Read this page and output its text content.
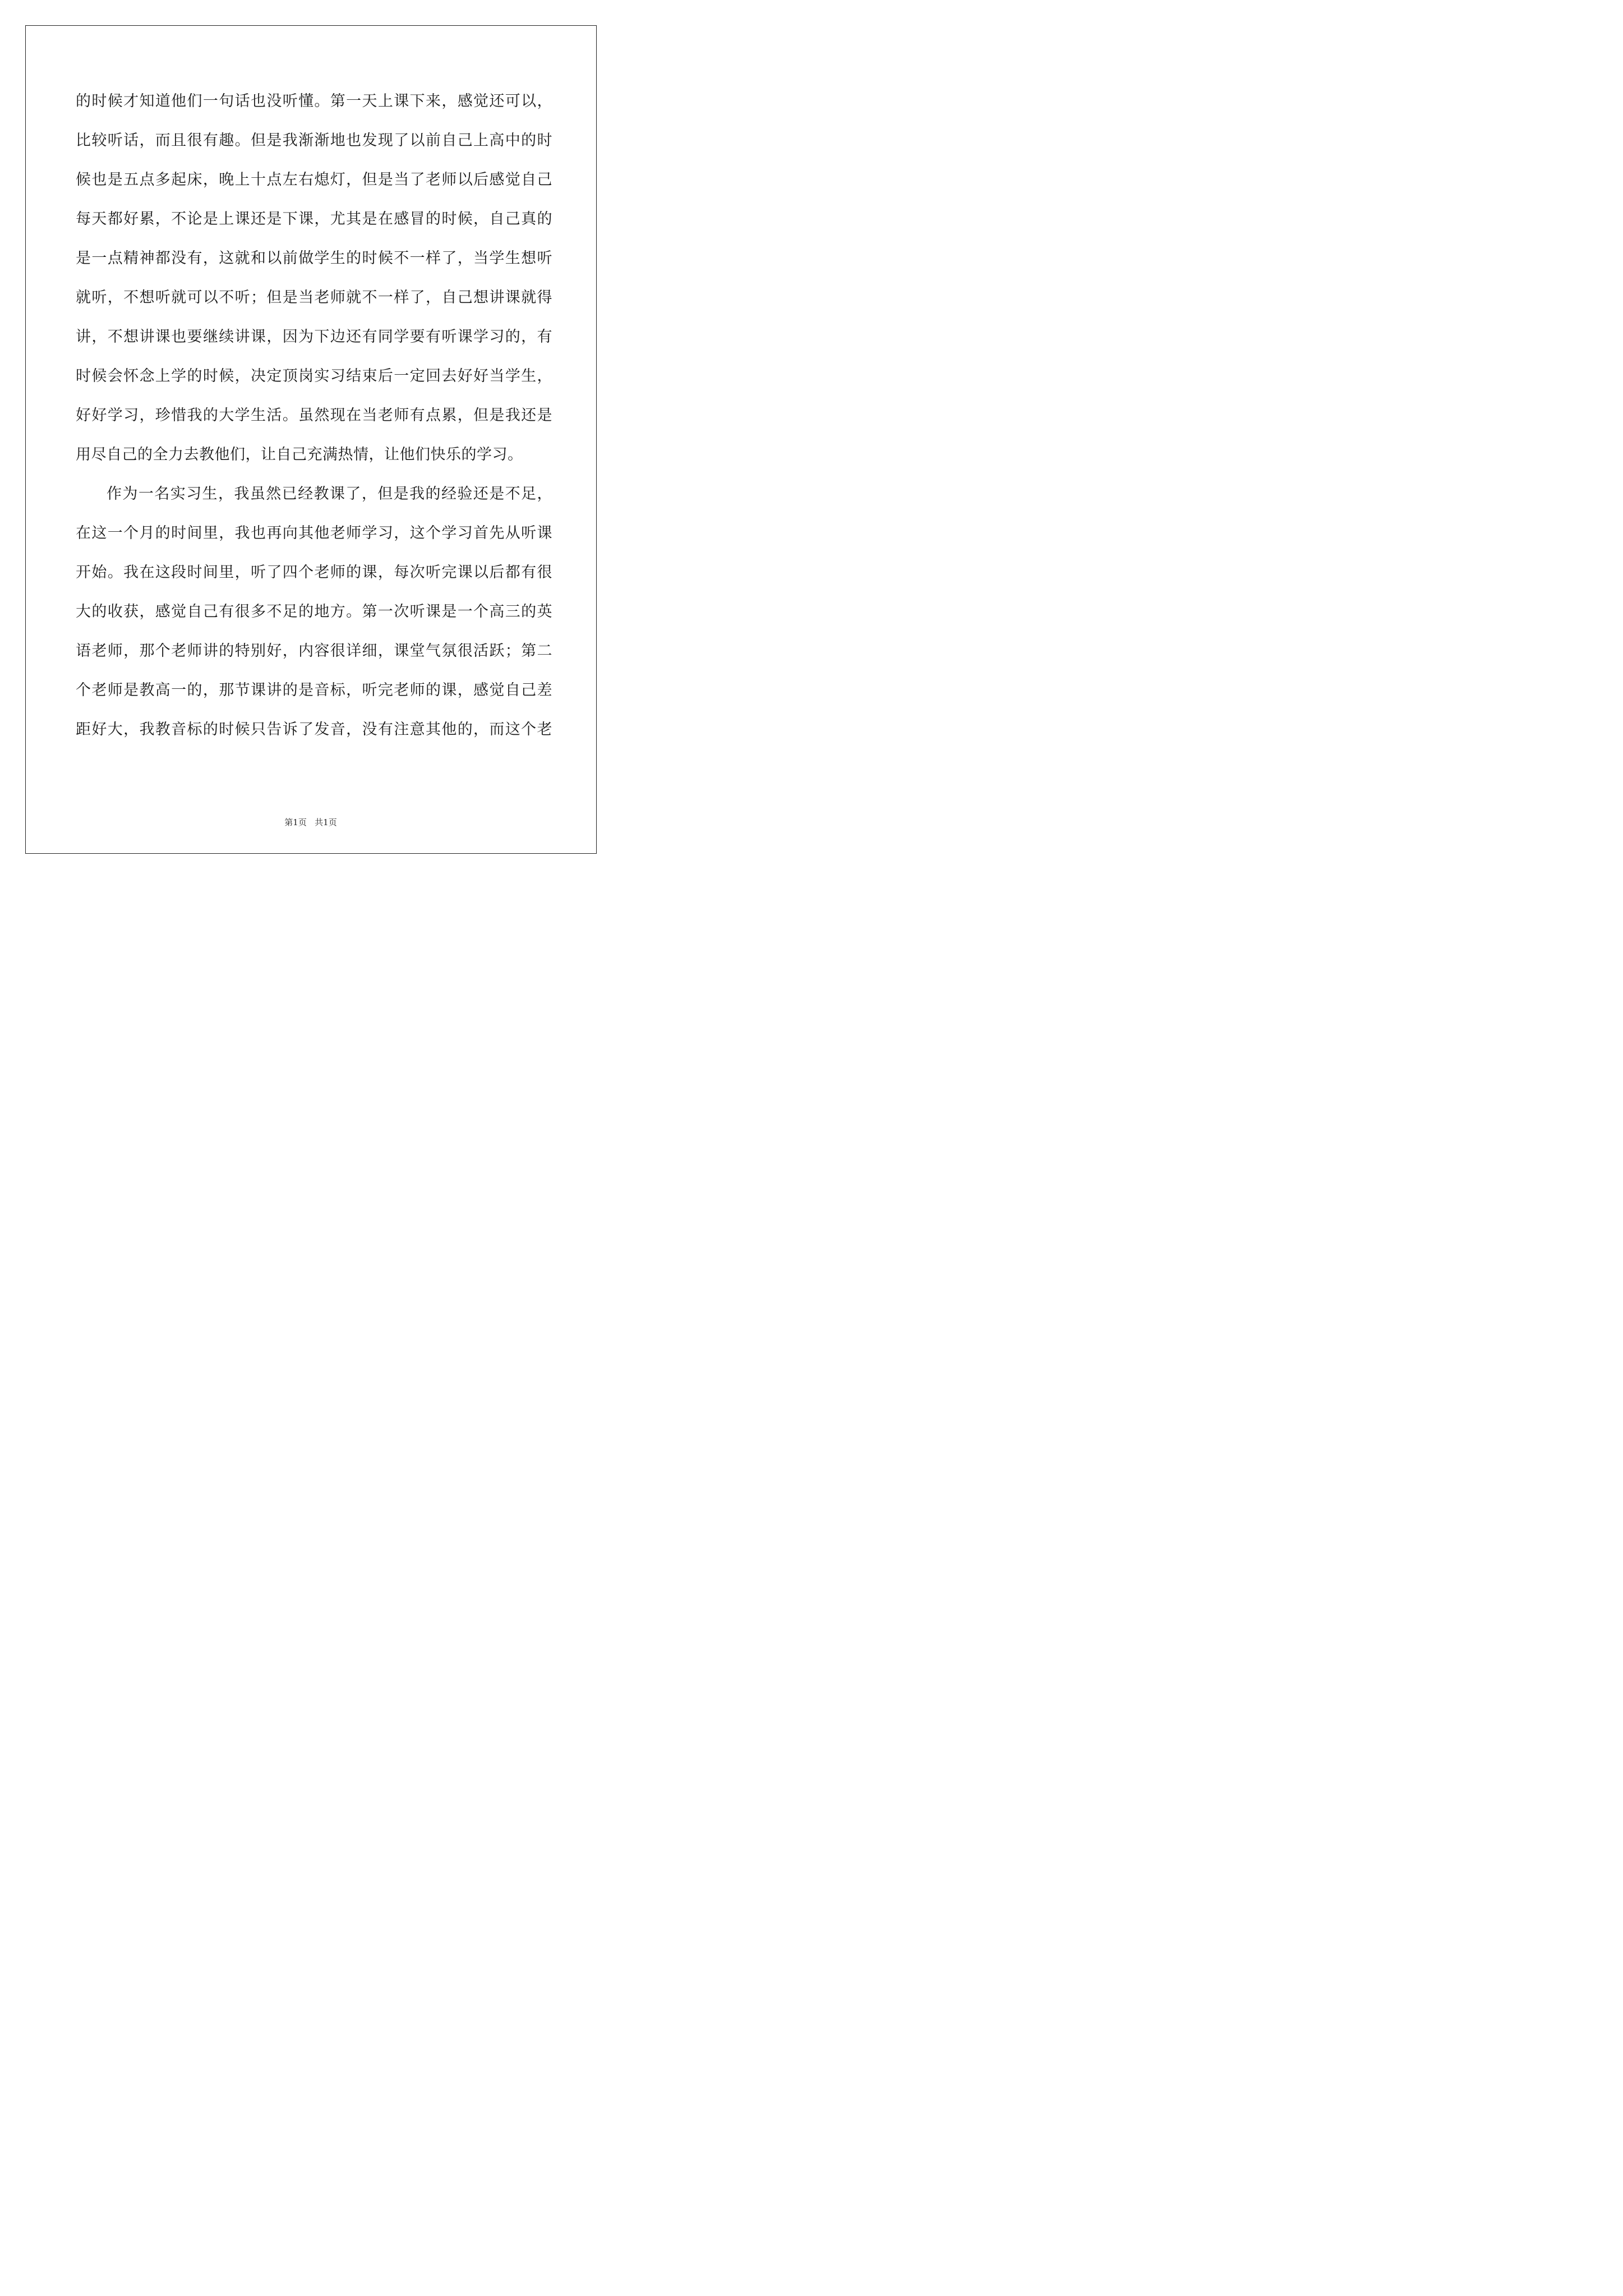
的时候才知道他们一句话也没听懂。第一天上课下来，感觉还可以，
比较听话，而且很有趣。但是我渐渐地也发现了以前自己上高中的时
候也是五点多起床，晚上十点左右熄灯，但是当了老师以后感觉自己
每天都好累，不论是上课还是下课，尤其是在感冒的时候，自己真的
是一点精神都没有，这就和以前做学生的时候不一样了，当学生想听
就听，不想听就可以不听；但是当老师就不一样了，自己想讲课就得
讲，不想讲课也要继续讲课，因为下边还有同学要有听课学习的，有
时候会怀念上学的时候，决定顶岗实习结束后一定回去好好当学生，
好好学习，珍惜我的大学生活。虽然现在当老师有点累，但是我还是
用尽自己的全力去教他们，让自己充满热情，让他们快乐的学习。
作为一名实习生，我虽然已经教课了，但是我的经验还是不足，
在这一个月的时间里，我也再向其他老师学习，这个学习首先从听课
开始。我在这段时间里，听了四个老师的课，每次听完课以后都有很
大的收获，感觉自己有很多不足的地方。第一次听课是一个高三的英
语老师，那个老师讲的特别好，内容很详细，课堂气氛很活跃；第二
个老师是教高一的，那节课讲的是音标，听完老师的课，感觉自己差
距好大，我教音标的时候只告诉了发音，没有注意其他的，而这个老
第1页 共1页
